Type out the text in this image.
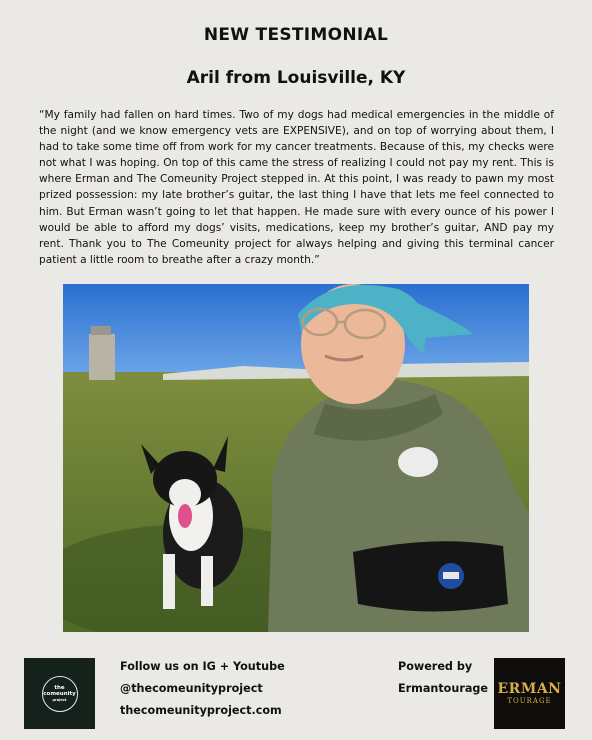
NEW TESTIMONIAL
Aril from Louisville, KY
“My family had fallen on hard times. Two of my dogs had medical emergencies in the middle of the night (and we know emergency vets are EXPENSIVE), and on top of worrying about them, I had to take some time off from work for my cancer treatments. Because of this, my checks were not what I was hoping. On top of this came the stress of realizing I could not pay my rent. This is where Erman and The Comeunity Project stepped in. At this point, I was ready to pawn my most prized possession: my late brother’s guitar, the last thing I have that lets me feel connected to him. But Erman wasn’t going to let that happen. He made sure with every ounce of his power I would be able to afford my dogs’ visits, medications, keep my brother’s guitar, AND pay my rent. Thank you to The Comeunity project for always helping and giving this terminal cancer patient a little room to breathe after a crazy month.”
the
comeunity
project
Follow us on IG + Youtube
@thecomeunityproject
thecomeunityproject.com
Powered by
Ermantourage ERMAN
TOURAGE
